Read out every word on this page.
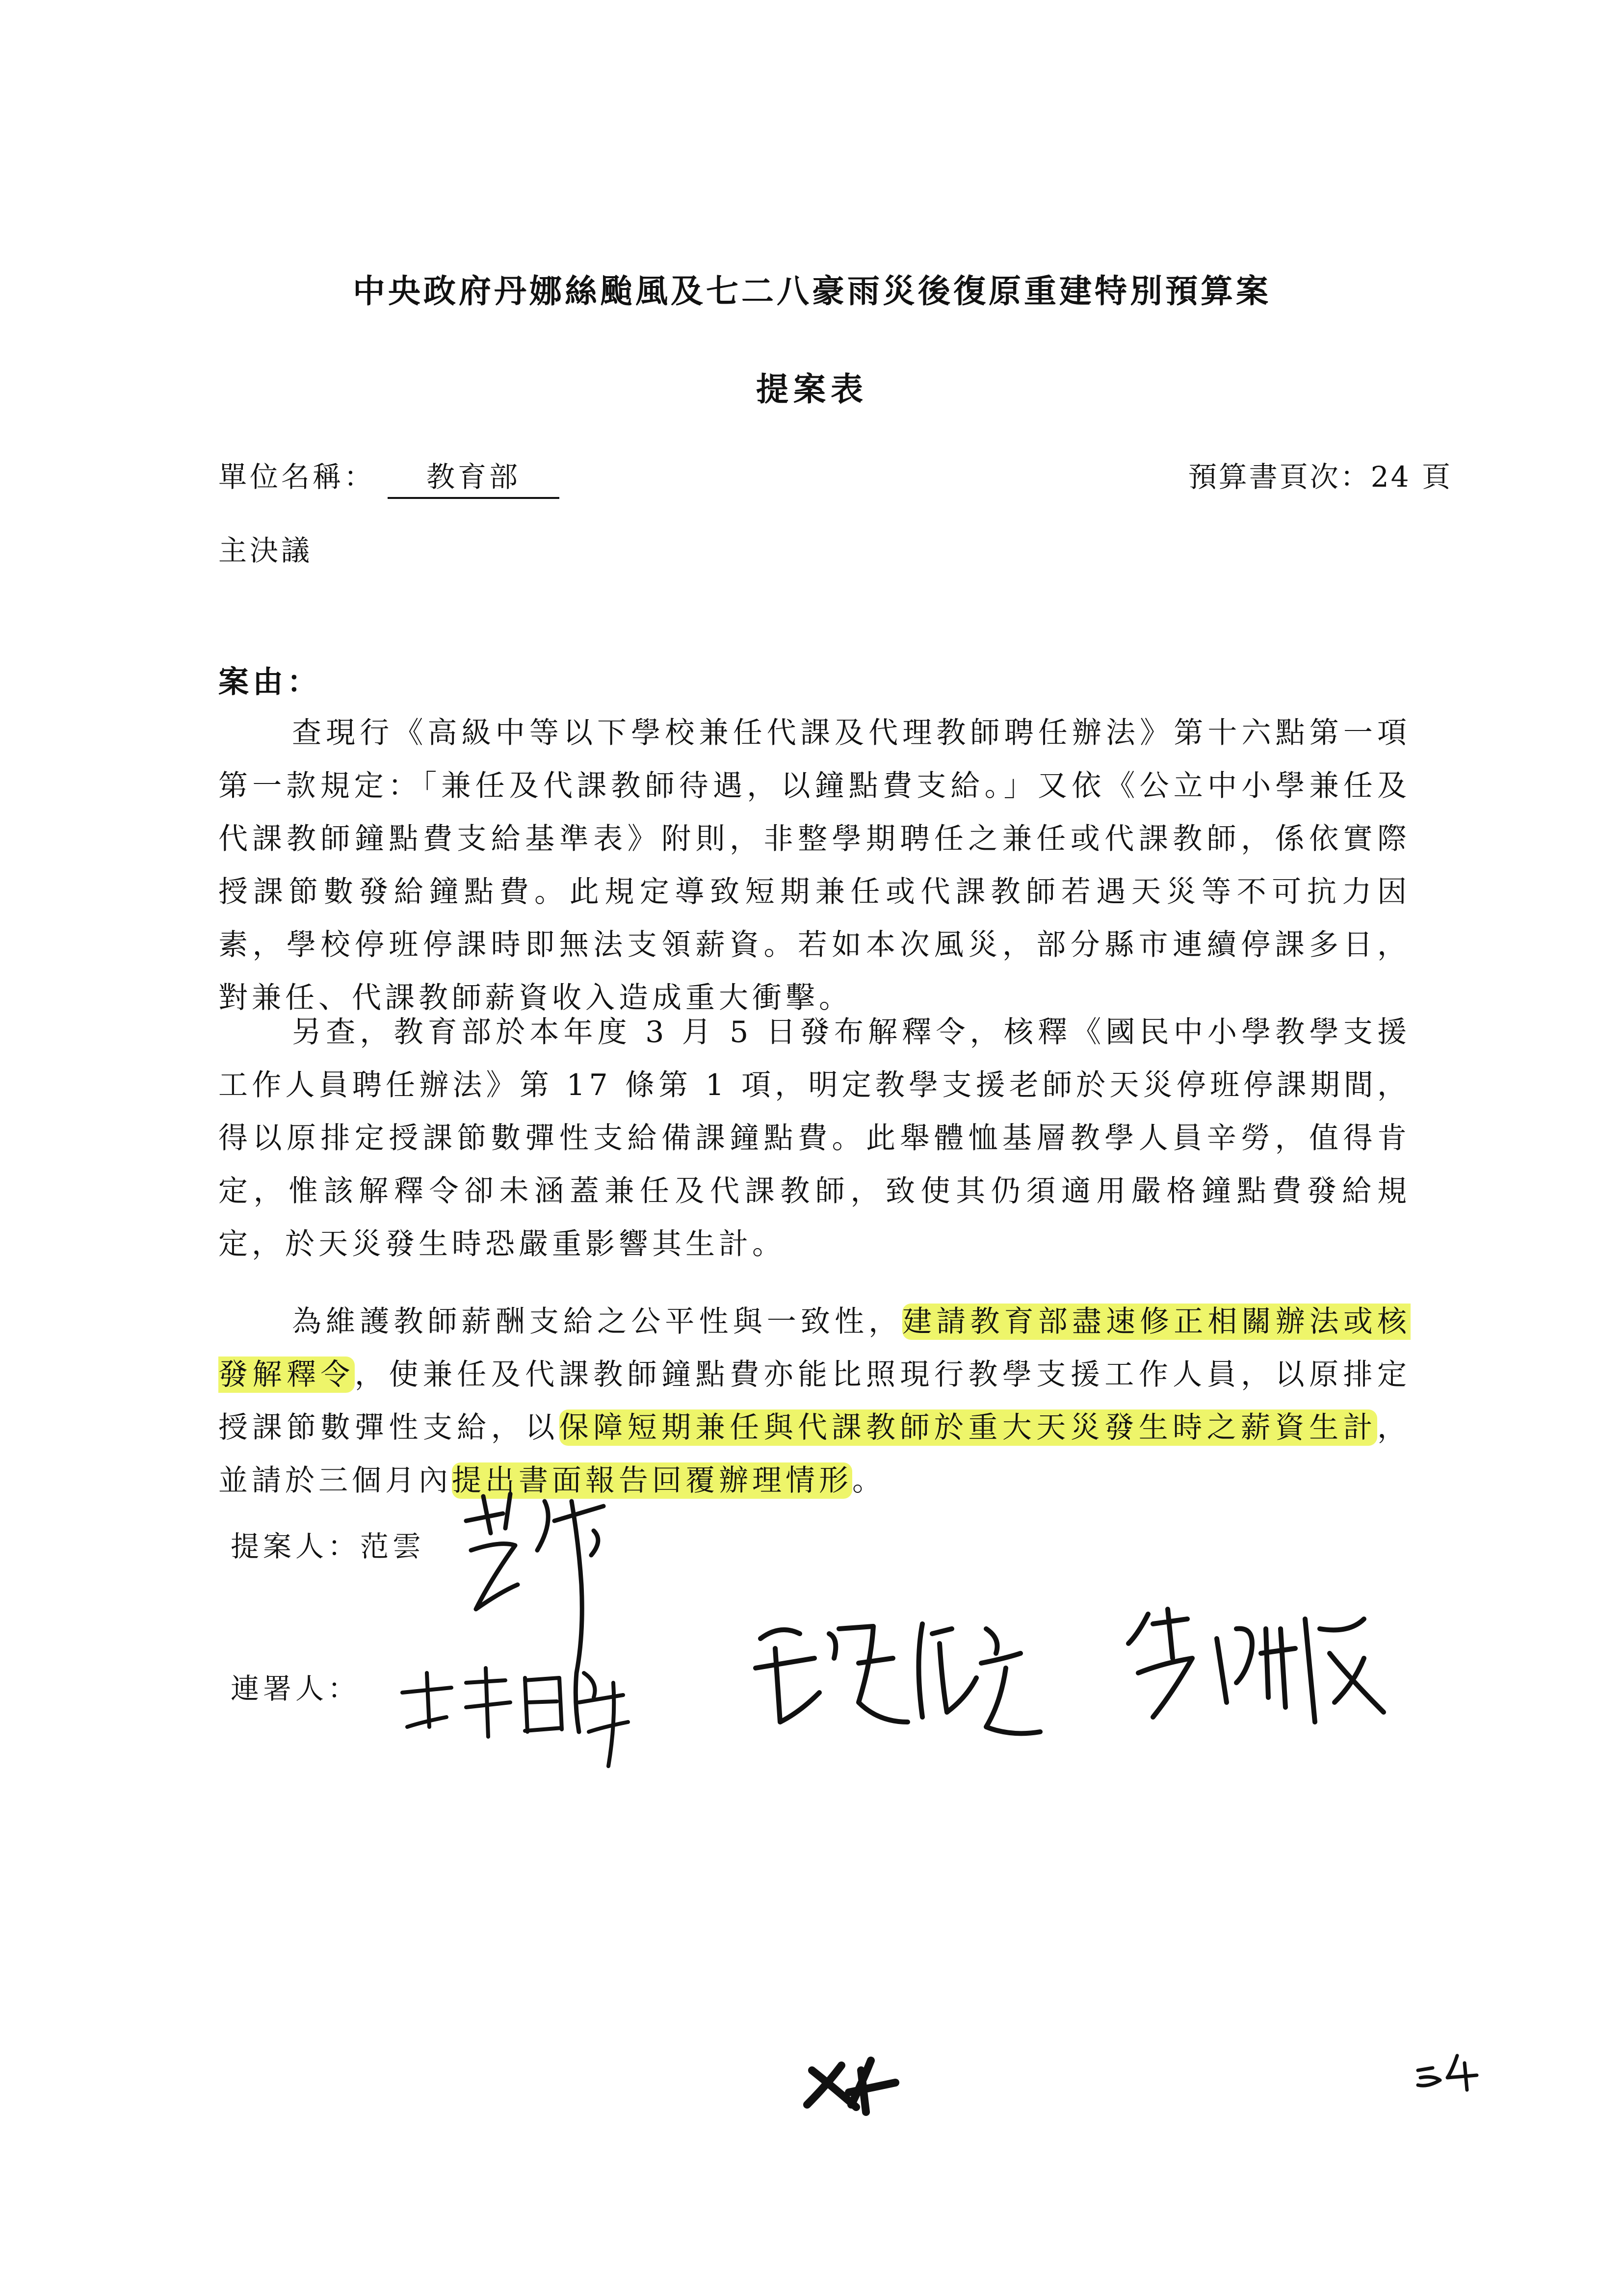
中央政府丹娜絲颱風及七二八豪雨災後復原重建特別預算案
提案表
單位名稱：	教育部	預算書頁次：24 頁
主決議
案由：
查現行《高級中等以下學校兼任代課及代理教師聘任辦法》第十六點第一項第一款規定：「兼任及代課教師待遇，以鐘點費支給。」又依《公立中小學兼任及代課教師鐘點費支給基準表》附則，非整學期聘任之兼任或代課教師，係依實際授課節數發給鐘點費。此規定導致短期兼任或代課教師若遇天災等不可抗力因素，學校停班停課時即無法支領薪資。若如本次風災，部分縣市連續停課多日，對兼任、代課教師薪資收入造成重大衝擊。
另查，教育部於本年度 3 月 5 日發布解釋令，核釋《國民中小學教學支援工作人員聘任辦法》第 17 條第 1 項，明定教學支援老師於天災停班停課期間，得以原排定授課節數彈性支給備課鐘點費。此舉體恤基層教學人員辛勞，值得肯定，惟該解釋令卻未涵蓋兼任及代課教師，致使其仍須適用嚴格鐘點費發給規定，於天災發生時恐嚴重影響其生計。
為維護教師薪酬支給之公平性與一致性，建請教育部盡速修正相關辦法或核發解釋令，使兼任及代課教師鐘點費亦能比照現行教學支援工作人員，以原排定授課節數彈性支給，以保障短期兼任與代課教師於重大天災發生時之薪資生計，並請於三個月內提出書面報告回覆辦理情形。
提案人：范雲
連署人：
